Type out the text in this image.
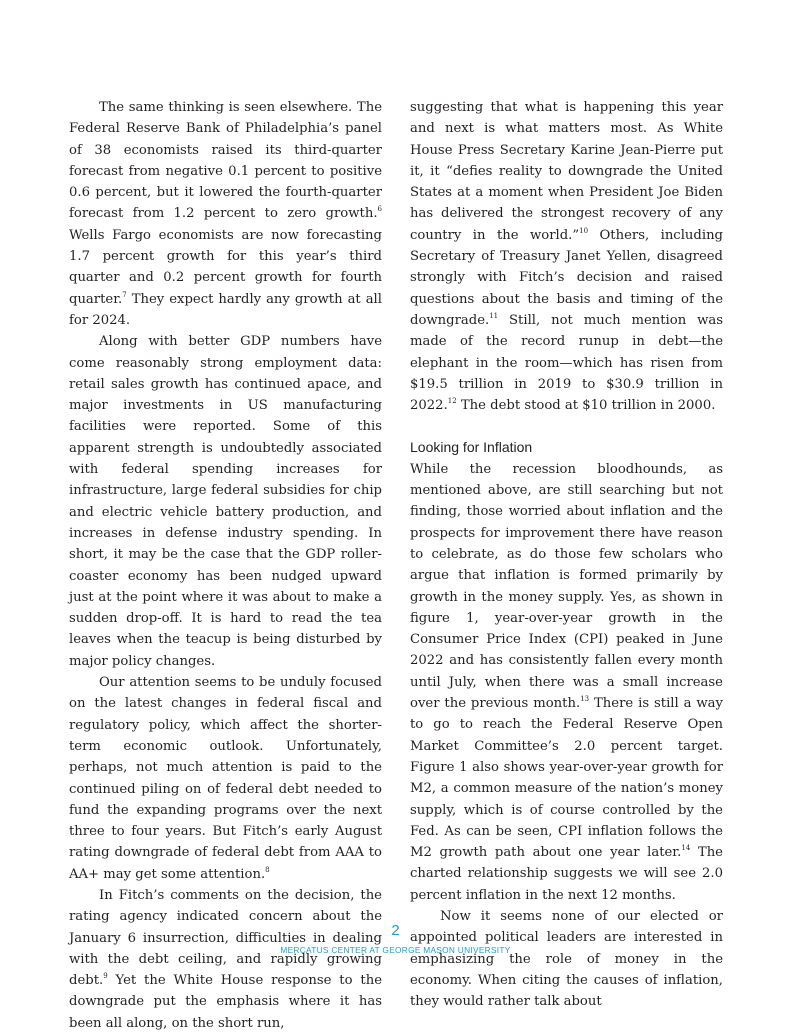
The same thinking is seen elsewhere. The Federal Reserve Bank of Philadelphia’s panel of 38 economists raised its third-quarter forecast from negative 0.1 percent to positive 0.6 percent, but it lowered the fourth-quarter forecast from 1.2 percent to zero growth.$^6$ Wells Fargo economists are now forecasting 1.7 percent growth for this year’s third quarter and 0.2 percent growth for fourth quarter.$^7$ They expect hardly any growth at all for 2024.

Along with better GDP numbers have come reasonably strong employment data: retail sales growth has continued apace, and major investments in US manufacturing facilities were reported. Some of this apparent strength is undoubtedly associated with federal spending increases for infrastructure, large federal subsidies for chip and electric vehicle battery production, and increases in defense industry spending. In short, it may be the case that the GDP roller-coaster economy has been nudged upward just at the point where it was about to make a sudden drop-off. It is hard to read the tea leaves when the teacup is being disturbed by major policy changes.

Our attention seems to be unduly focused on the latest changes in federal fiscal and regulatory policy, which affect the shorter-term economic outlook. Unfortunately, perhaps, not much attention is paid to the continued piling on of federal debt needed to fund the expanding programs over the next three to four years. But Fitch’s early August rating downgrade of federal debt from AAA to AA+ may get some attention.$^8$

In Fitch’s comments on the decision, the rating agency indicated concern about the January 6 insurrection, difficulties in dealing with the debt ceiling, and rapidly growing debt.$^9$ Yet the White House response to the downgrade put the emphasis where it has been all along, on the short run,

suggesting that what is happening this year and next is what matters most. As White House Press Secretary Karine Jean-Pierre put it, it “defies reality to downgrade the United States at a moment when President Joe Biden has delivered the strongest recovery of any country in the world.”$^{10}$ Others, including Secretary of Treasury Janet Yellen, disagreed strongly with Fitch’s decision and raised questions about the basis and timing of the downgrade.$^{11}$ Still, not much mention was made of the record runup in debt—the elephant in the room—which has risen from $19.5 trillion in 2019 to $30.9 trillion in 2022.12 The debt stood at $10 trillion in 2000.

Looking for Inflation

While the recession bloodhounds, as mentioned above, are still searching but not finding, those worried about inflation and the prospects for improvement there have reason to celebrate, as do those few scholars who argue that inflation is formed primarily by growth in the money supply. Yes, as shown in figure 1, year-over-year growth in the Consumer Price Index (CPI) peaked in June 2022 and has consistently fallen every month until July, when there was a small increase over the previous month.$^{13}$ There is still a way to go to reach the Federal Reserve Open Market Committee’s 2.0 percent target. Figure 1 also shows year-over-year growth for M2, a common measure of the nation’s money supply, which is of course controlled by the Fed. As can be seen, CPI inflation follows the M2 growth path about one year later.$^{14}$ The charted relationship suggests we will see 2.0 percent inflation in the next 12 months.

Now it seems none of our elected or appointed political leaders are interested in emphasizing the role of money in the economy. When citing the causes of inflation, they would rather talk about

2
MERCATUS CENTER AT GEORGE MASON UNIVERSITY
